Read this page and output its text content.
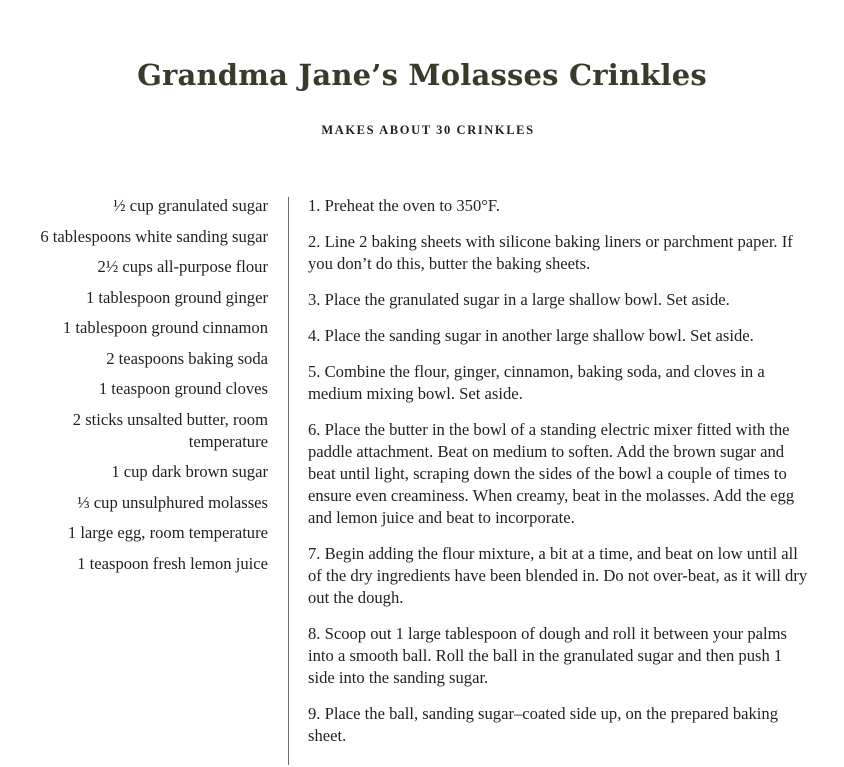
Grandma Jane’s Molasses Crinkles
MAKES ABOUT 30 CRINKLES
½ cup granulated sugar
6 tablespoons white sanding sugar
2½ cups all-purpose flour
1 tablespoon ground ginger
1 tablespoon ground cinnamon
2 teaspoons baking soda
1 teaspoon ground cloves
2 sticks unsalted butter, room temperature
1 cup dark brown sugar
⅓ cup unsulphured molasses
1 large egg, room temperature
1 teaspoon fresh lemon juice
1. Preheat the oven to 350°F.
2. Line 2 baking sheets with silicone baking liners or parchment paper. If you don’t do this, butter the baking sheets.
3. Place the granulated sugar in a large shallow bowl. Set aside.
4. Place the sanding sugar in another large shallow bowl. Set aside.
5. Combine the flour, ginger, cinnamon, baking soda, and cloves in a medium mixing bowl. Set aside.
6. Place the butter in the bowl of a standing electric mixer fitted with the paddle attachment. Beat on medium to soften. Add the brown sugar and beat until light, scraping down the sides of the bowl a couple of times to ensure even creaminess. When creamy, beat in the molasses. Add the egg and lemon juice and beat to incorporate.
7. Begin adding the flour mixture, a bit at a time, and beat on low until all of the dry ingredients have been blended in. Do not over-beat, as it will dry out the dough.
8. Scoop out 1 large tablespoon of dough and roll it between your palms into a smooth ball. Roll the ball in the granulated sugar and then push 1 side into the sanding sugar.
9. Place the ball, sanding sugar–coated side up, on the prepared baking sheet.
